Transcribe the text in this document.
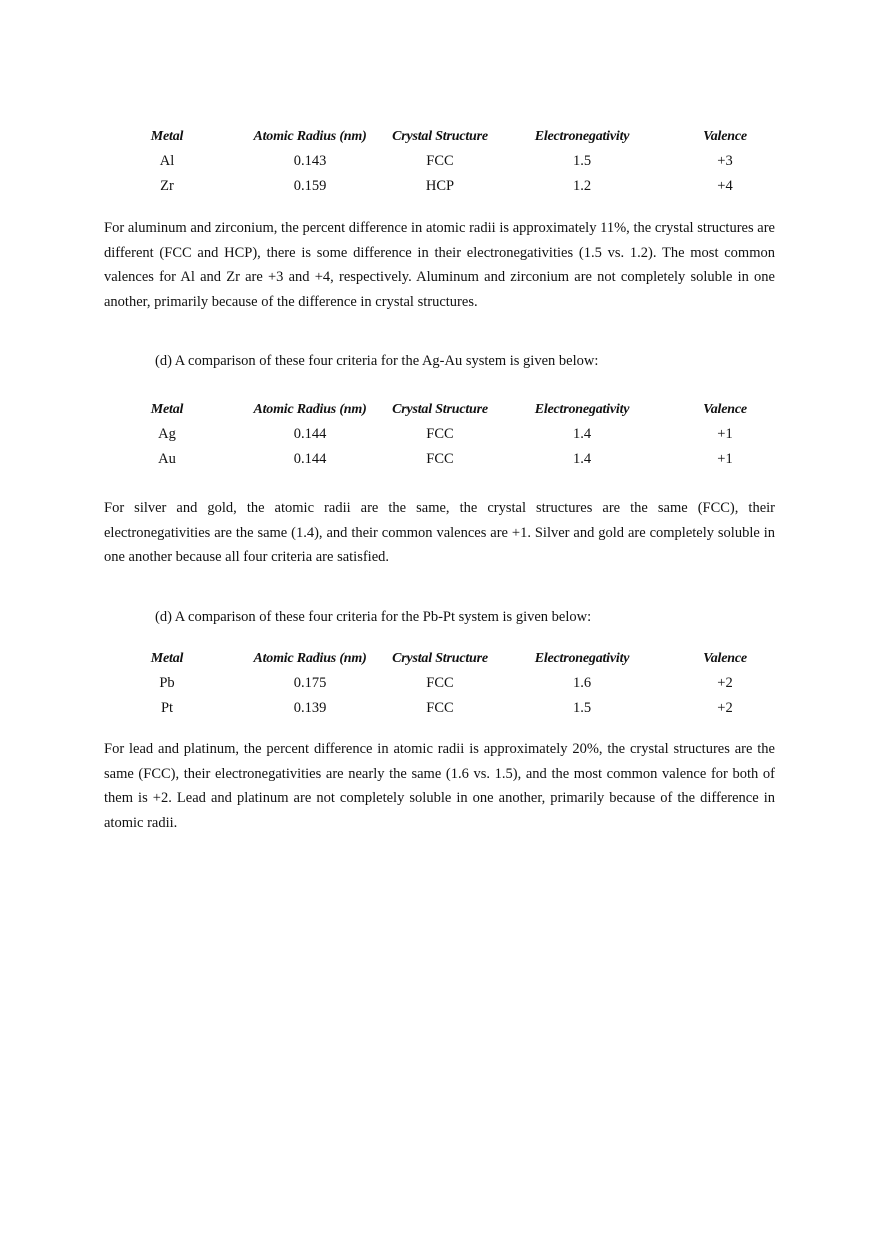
Metal	Atomic Radius (nm)	Crystal Structure	Electronegativity	Valence
Al	0.143	FCC	1.5	+3
Zr	0.159	HCP	1.2	+4

For aluminum and zirconium, the percent difference in atomic radii is approximately 11%, the crystal structures are different (FCC and HCP), there is some difference in their electronegativities (1.5 vs. 1.2). The most common valences for Al and Zr are +3 and +4, respectively. Aluminum and zirconium are not completely soluble in one another, primarily because of the difference in crystal structures.

(d) A comparison of these four criteria for the Ag-Au system is given below:

Metal	Atomic Radius (nm)	Crystal Structure	Electronegativity	Valence
Ag	0.144	FCC	1.4	+1
Au	0.144	FCC	1.4	+1

For silver and gold, the atomic radii are the same, the crystal structures are the same (FCC), their electronegativities are the same (1.4), and their common valences are +1. Silver and gold are completely soluble in one another because all four criteria are satisfied.

(d) A comparison of these four criteria for the Pb-Pt system is given below:

Metal	Atomic Radius (nm)	Crystal Structure	Electronegativity	Valence
Pb	0.175	FCC	1.6	+2
Pt	0.139	FCC	1.5	+2

For lead and platinum, the percent difference in atomic radii is approximately 20%, the crystal structures are the same (FCC), their electronegativities are nearly the same (1.6 vs. 1.5), and the most common valence for both of them is +2. Lead and platinum are not completely soluble in one another, primarily because of the difference in atomic radii.
